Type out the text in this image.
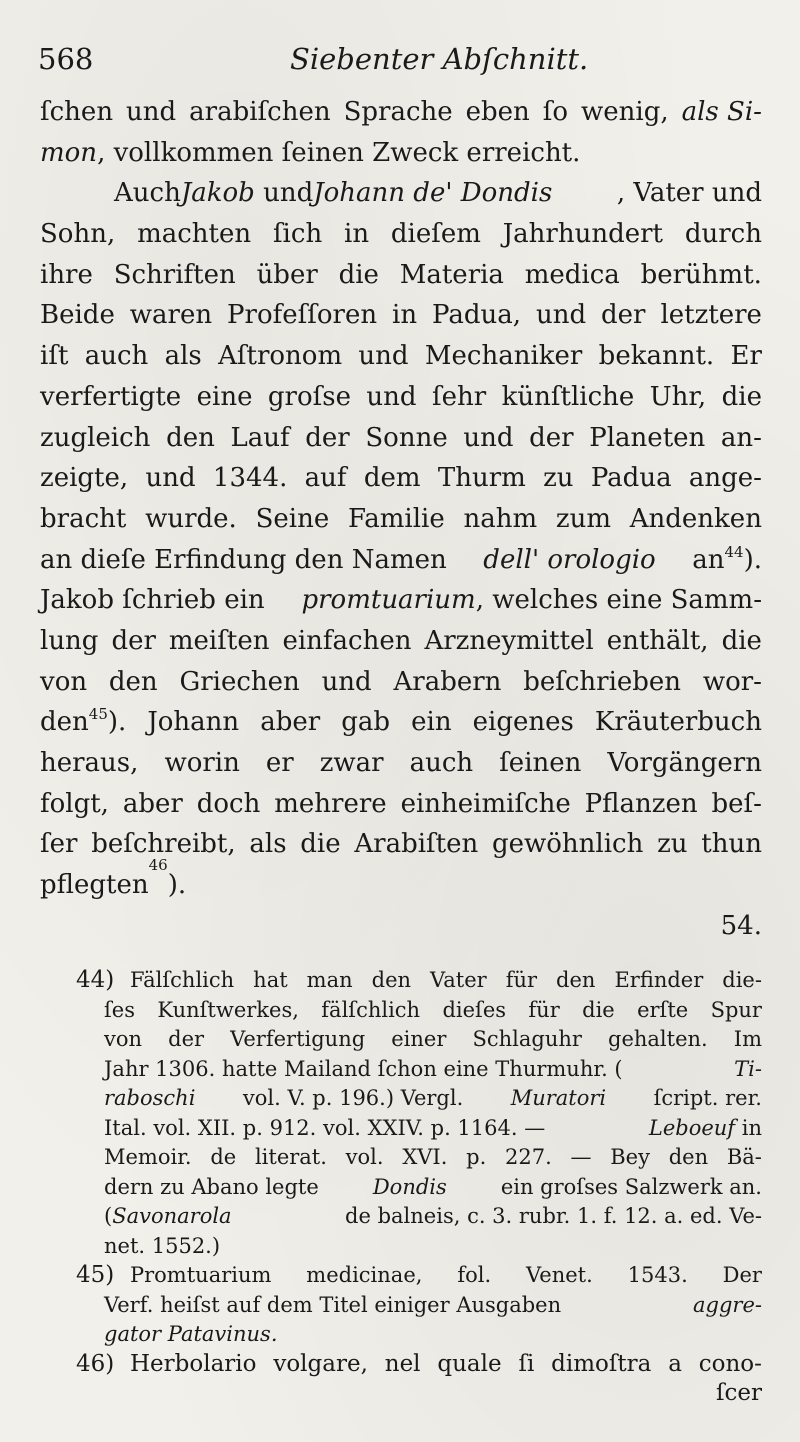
568	Siebenter Abſchnitt.
ſchen und arabiſchen Sprache eben ſo wenig, als Si-
mon , vollkommen ſeinen Zweck erreicht.
AuchJakob undJohann de' Dondis , Vater und
Sohn, machten ſich in dieſem Jahrhundert durch
ihre Schriften über die Materia medica berühmt.
Beide waren Profeſſoren in Padua, und der letztere
iſt auch als Aſtronom und Mechaniker bekannt. Er
verfertigte eine groſse und ſehr künſtliche Uhr, die
zugleich den Lauf der Sonne und der Planeten an-
zeigte, und 1344. auf dem Thurm zu Padua ange-
bracht wurde. Seine Familie nahm zum Andenken
an dieſe Erfindung den Namen dell' orologio $an^{44}$).
Jakob ſchrieb ein promtuarium, welches eine Samm-
lung der meiſten einfachen Arzneymittel enthält, die
von den Griechen und Arabern beſchrieben wor-
den$^{45}$). Johann aber gab ein eigenes Kräuterbuch
heraus, worin er zwar auch ſeinen Vorgängern
folgt, aber doch mehrere einheimiſche Pflanzen beſ-
ſer beſchreibt, als die Arabiſten gewöhnlich zu thun
pflegten
46
).
54.
44) Fälſchlich hat man den Vater für den Erfinder die-
ſes Kunſtwerkes, fälſchlich dieſes für die erſte Spur
von der Verfertigung einer Schlaguhr gehalten. Im
Jahr 1306. hatte Mailand ſchon eine Thurmuhr. (	Ti-
raboschi vol. V. p. 196.) Vergl. Muratori ſcript. rer.
Ital. vol. XII. p. 912. vol. XXIV. p. 1164. —	Leboeuf in
Memoir. de literat. vol. XVI. p. 227. — Bey den Bä-
dern zu Abano legte	Dondis	ein groſses Salzwerk an.
(Savonarola	de balneis, c. 3. rubr. 1. f. 12. a. ed. Ve-
net. 1552.)
45) Promtuarium medicinae, fol. Venet. 1543. Der
Verf. heiſst auf dem Titel einiger Ausgaben	aggre-
gator Patavinus.
46) Herbolario volgare, nel quale ſi dimoſtra a cono-
ſcer
